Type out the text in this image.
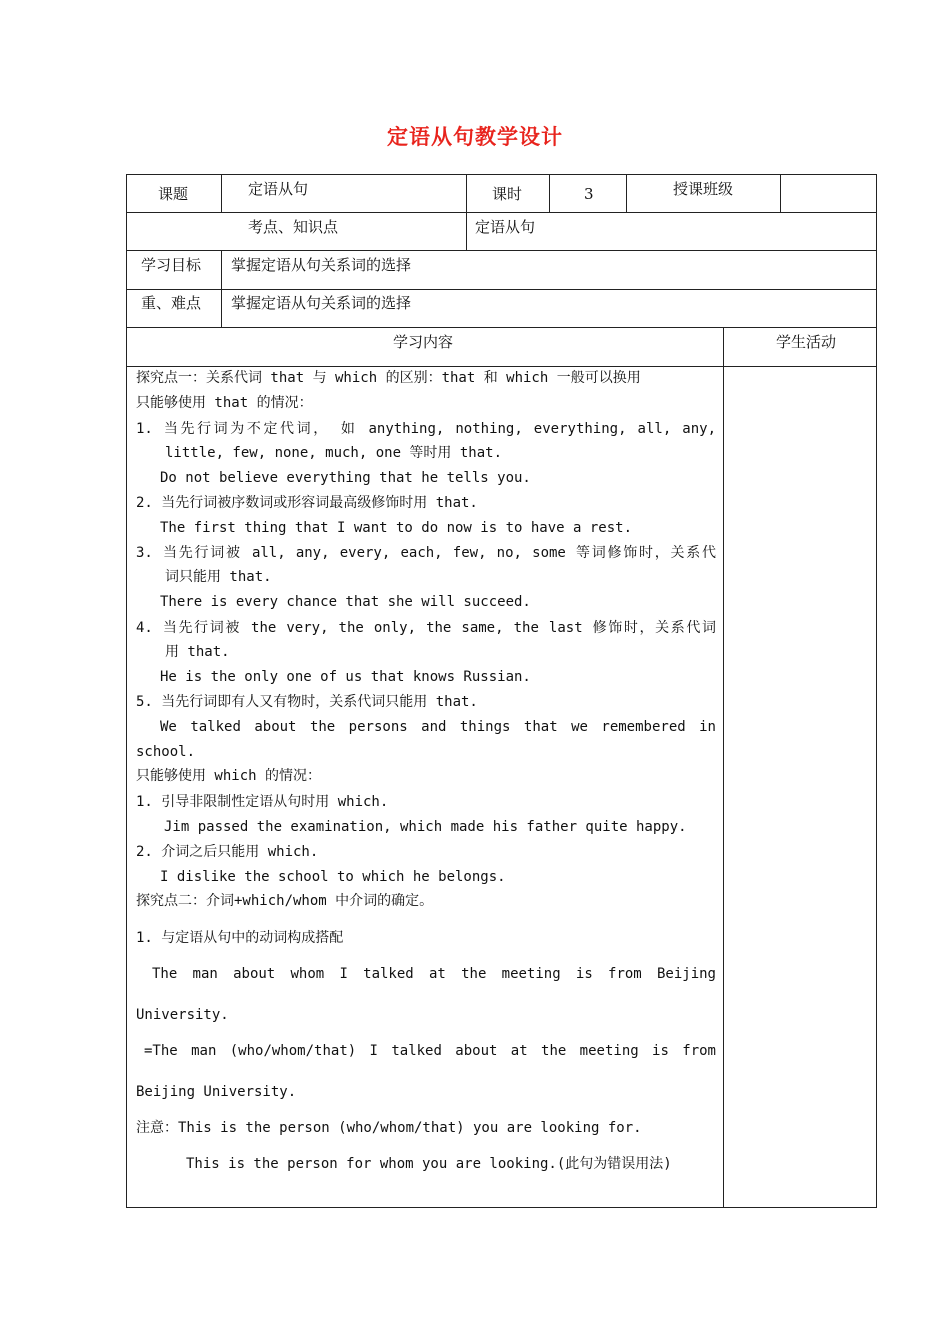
定语从句教学设计
课题	定语从句	课时	3	授课班级
考点、知识点	定语从句
学习目标 掌握定语从句关系词的选择
重、难点 掌握定语从句关系词的选择
学习内容	学生活动
探究点一：关系代词 that 与 which 的区别：that 和 which 一般可以换用
只能够使用 that 的情况：
1. 当先行词为不定代词， 如 anything, nothing, everything, all, any,
little, few, none, much, one 等时用 that.
Do not believe everything that he tells you.
2. 当先行词被序数词或形容词最高级修饰时用 that.
The first thing that I want to do now is to have a rest.
3. 当先行词被 all, any, every, each, few, no, some 等词修饰时，关系代
词只能用 that.
There is every chance that she will succeed.
4. 当先行词被 the very, the only, the same, the last 修饰时，关系代词
用 that.
He is the only one of us that knows Russian.
5. 当先行词即有人又有物时，关系代词只能用 that.
We talked about the persons and things that we remembered in
school.
只能够使用 which 的情况：
1. 引导非限制性定语从句时用 which.
Jim passed the examination, which made his father quite happy.
2. 介词之后只能用 which.
I dislike the school to which he belongs.
探究点二：介词+which/whom 中介词的确定。
1. 与定语从句中的动词构成搭配
The man about whom I talked at the meeting is from Beijing
University.
=The man (who/whom/that) I talked about at the meeting is from
Beijing University.
注意：This is the person (who/whom/that) you are looking for.
This is the person for whom you are looking.(此句为错误用法)
